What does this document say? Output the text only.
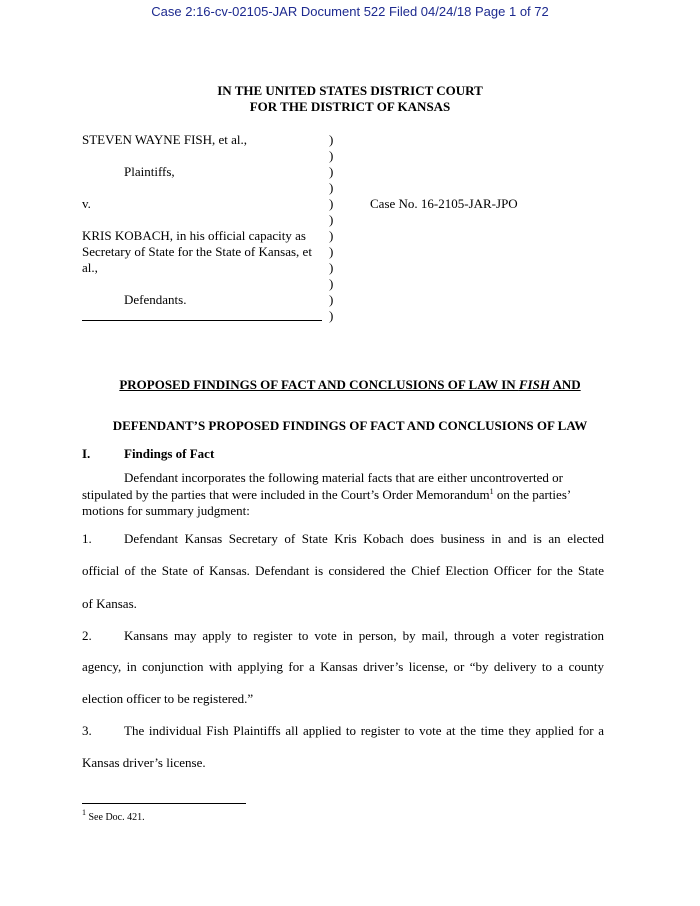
Case 2:16-cv-02105-JAR Document 522 Filed 04/24/18 Page 1 of 72
IN THE UNITED STATES DISTRICT COURT
FOR THE DISTRICT OF KANSAS
STEVEN WAYNE FISH, et al.,
Plaintiffs,
v.
KRIS KOBACH, in his official capacity as
Secretary of State for the State of Kansas, et
al.,
Defendants.
)
)
)
)
)
)
)
)
)
)
)
)
Case No. 16-2105-JAR-JPO
PROPOSED FINDINGS OF FACT AND CONCLUSIONS OF LAW IN FISH AND
DEFENDANT’S PROPOSED FINDINGS OF FACT AND CONCLUSIONS OF LAW
I.	Findings of Fact
Defendant incorporates the following material facts that are either uncontroverted or
stipulated by the parties that were included in the Court’s Order Memorandum$^1$ on the parties’
motions for summary judgment:
1. Defendant Kansas Secretary of State Kris Kobach does business in and is an elected
official of the State of Kansas. Defendant is considered the Chief Election Officer for the State
of Kansas.
2. Kansans may apply to register to vote in person, by mail, through a voter registration
agency, in conjunction with applying for a Kansas driver’s license, or “by delivery to a county
election officer to be registered.”
3. The individual Fish Plaintiffs all applied to register to vote at the time they applied for a
Kansas driver’s license.
$^1$ See Doc. 421.
